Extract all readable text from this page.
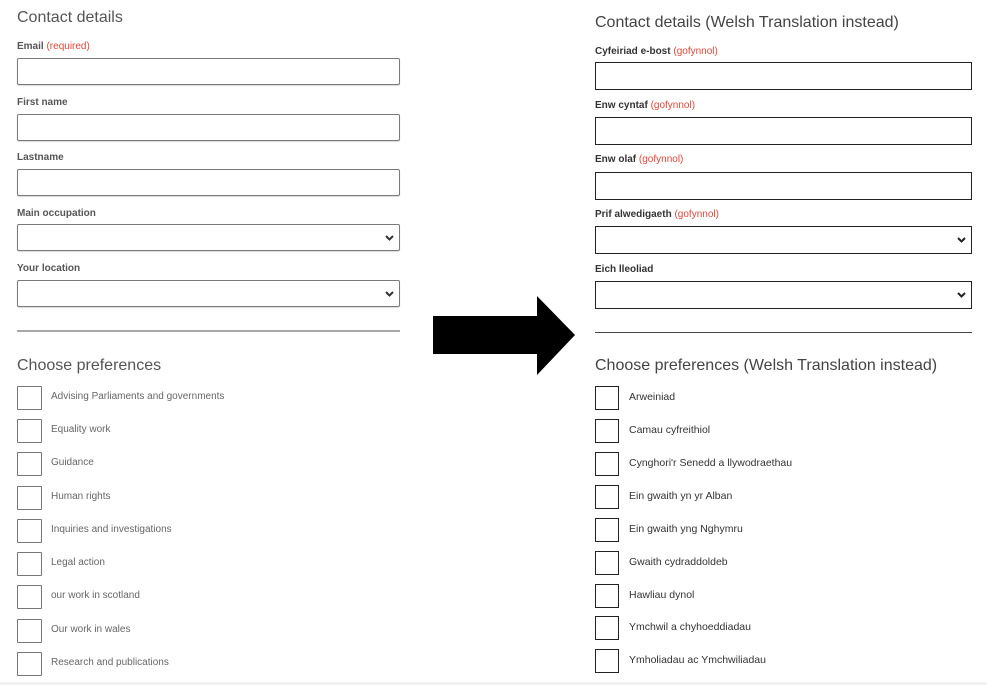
Contact details
Email (required)
First name
Lastname
Main occupation
Your location
Choose preferences
Advising Parliaments and governments
Equality work
Guidance
Human rights
Inquiries and investigations
Legal action
our work in scotland
Our work in wales
Research and publications
Contact details (Welsh Translation instead)
Cyfeiriad e-bost (gofynnol)
Enw cyntaf (gofynnol)
Enw olaf (gofynnol)
Prif alwedigaeth (gofynnol)
Eich lleoliad
Choose preferences (Welsh Translation instead)
Arweiniad
Camau cyfreithiol
Cynghori'r Senedd a llywodraethau
Ein gwaith yn yr Alban
Ein gwaith yng Nghymru
Gwaith cydraddoldeb
Hawliau dynol
Ymchwil a chyhoeddiadau
Ymholiadau ac Ymchwiliadau
